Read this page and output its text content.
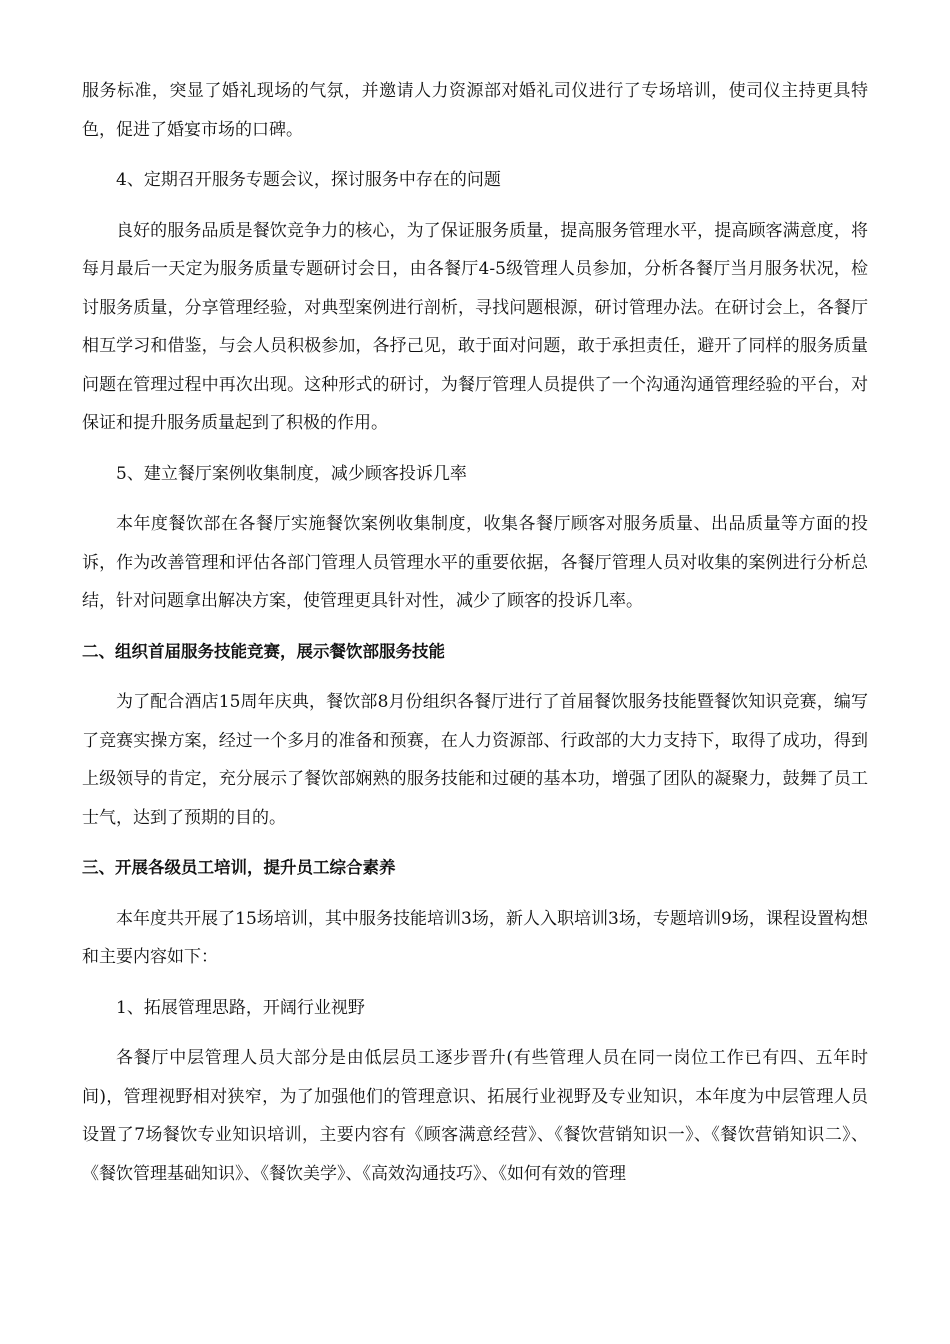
服务标准，突显了婚礼现场的气氛，并邀请人力资源部对婚礼司仪进行了专场培训，使司仪主持更具特色，促进了婚宴市场的口碑。

4、定期召开服务专题会议，探讨服务中存在的问题

良好的服务品质是餐饮竞争力的核心，为了保证服务质量，提高服务管理水平，提高顾客满意度，将每月最后一天定为服务质量专题研讨会日，由各餐厅4-5级管理人员参加，分析各餐厅当月服务状况，检讨服务质量，分享管理经验，对典型案例进行剖析，寻找问题根源，研讨管理办法。在研讨会上，各餐厅相互学习和借鉴，与会人员积极参加，各抒己见，敢于面对问题，敢于承担责任，避开了同样的服务质量问题在管理过程中再次出现。这种形式的研讨，为餐厅管理人员提供了一个沟通沟通管理经验的平台，对保证和提升服务质量起到了积极的作用。

5、建立餐厅案例收集制度，减少顾客投诉几率

本年度餐饮部在各餐厅实施餐饮案例收集制度，收集各餐厅顾客对服务质量、出品质量等方面的投诉，作为改善管理和评估各部门管理人员管理水平的重要依据，各餐厅管理人员对收集的案例进行分析总结，针对问题拿出解决方案，使管理更具针对性，减少了顾客的投诉几率。

二、组织首届服务技能竞赛，展示餐饮部服务技能

为了配合酒店15周年庆典，餐饮部8月份组织各餐厅进行了首届餐饮服务技能暨餐饮知识竞赛，编写了竞赛实操方案，经过一个多月的准备和预赛，在人力资源部、行政部的大力支持下，取得了成功，得到上级领导的肯定，充分展示了餐饮部娴熟的服务技能和过硬的基本功，增强了团队的凝聚力，鼓舞了员工士气，达到了预期的目的。

三、开展各级员工培训，提升员工综合素养

本年度共开展了15场培训，其中服务技能培训3场，新人入职培训3场，专题培训9场，课程设置构想和主要内容如下：

1、拓展管理思路，开阔行业视野

各餐厅中层管理人员大部分是由低层员工逐步晋升(有些管理人员在同一岗位工作已有四、五年时间)，管理视野相对狭窄，为了加强他们的管理意识、拓展行业视野及专业知识，本年度为中层管理人员设置了7场餐饮专业知识培训，主要内容有《顾客满意经营》、《餐饮营销知识一》、《餐饮营销知识二》、《餐饮管理基础知识》、《餐饮美学》、《高效沟通技巧》、《如何有效的管理
